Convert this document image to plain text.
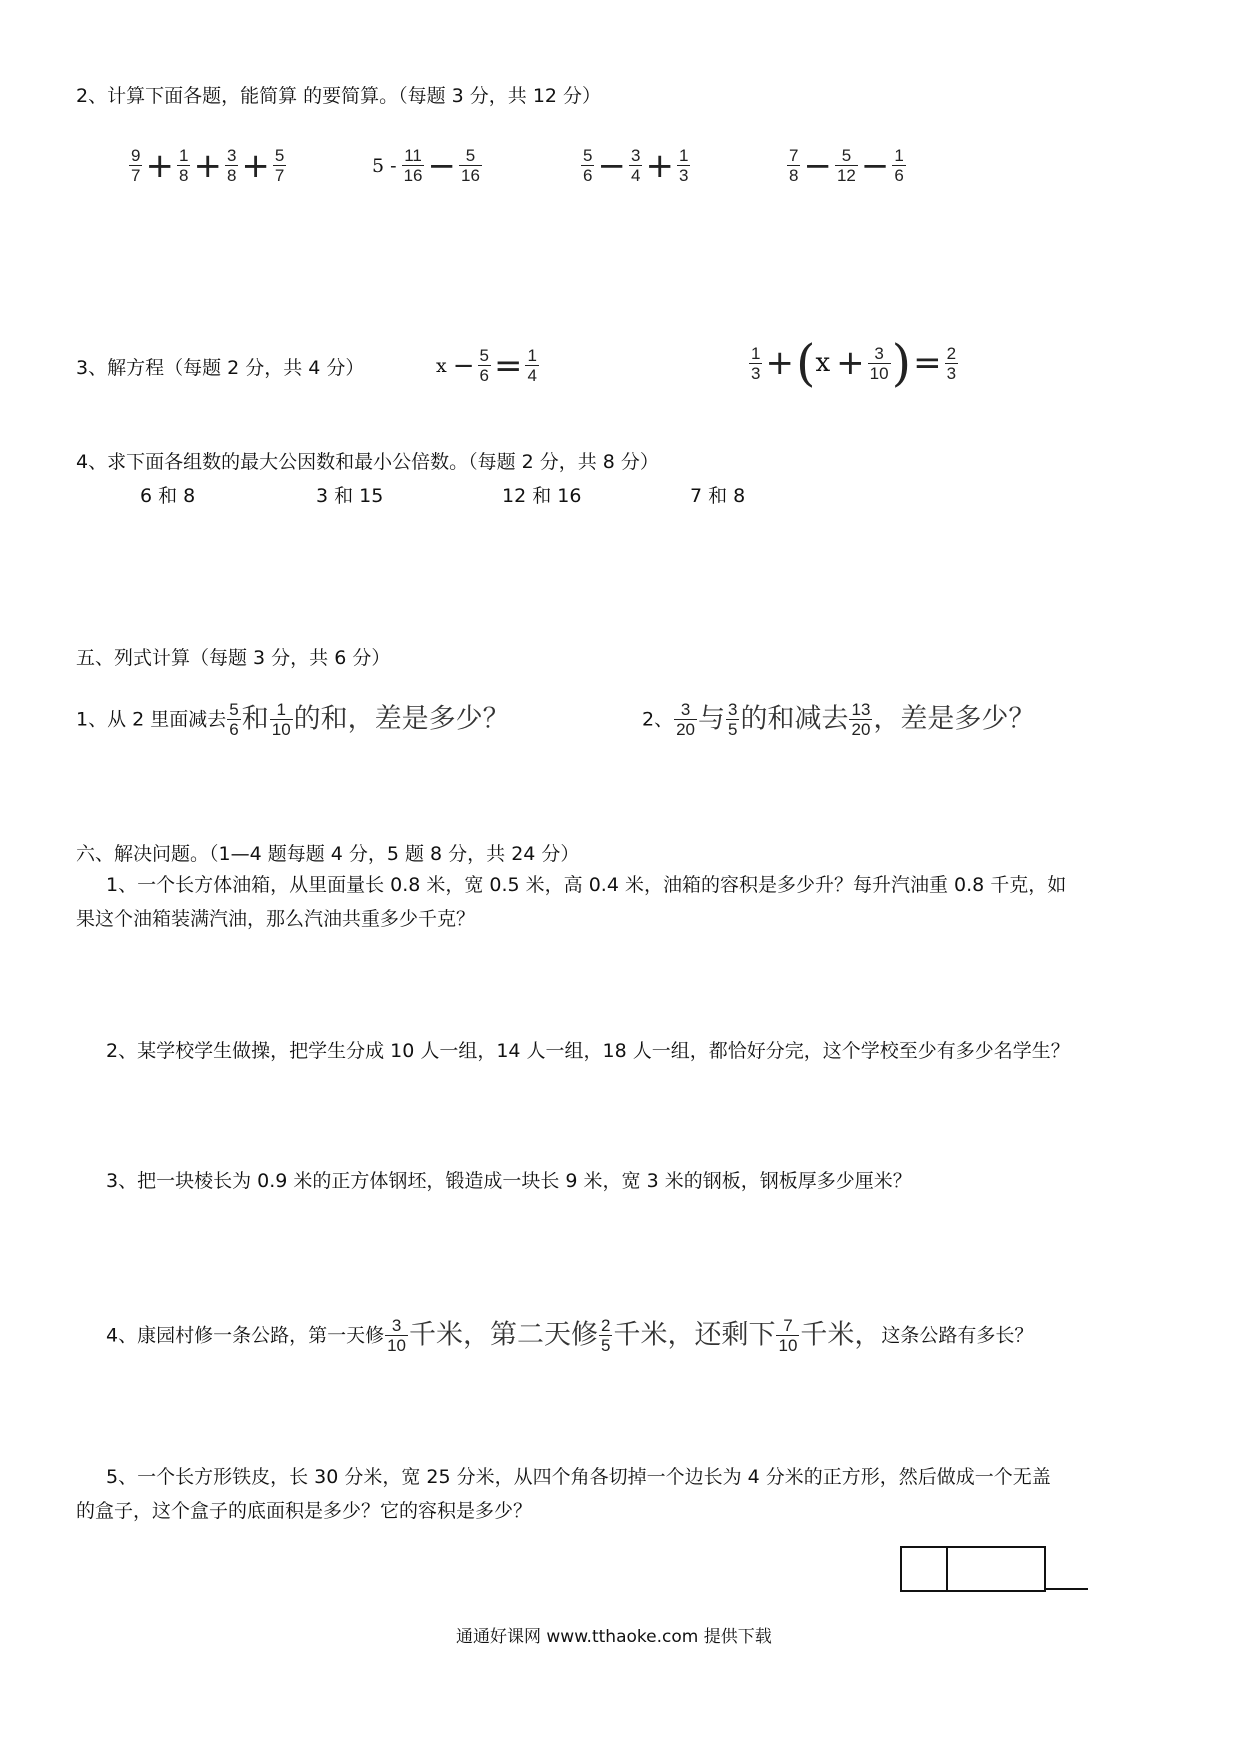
2、计算下面各题，能简算 的要简算。（每题 3 分，共 12 分）
$\frac{9}{7} + \frac{1}{8} + \frac{3}{8} + \frac{5}{7}$	$5 - \frac{11}{16} - \frac{5}{16}$	$\frac{5}{6} - \frac{3}{4} + \frac{1}{3}$	$\frac{7}{8} - \frac{5}{12} - \frac{1}{6}$
3、解方程（每题 2 分，共 4 分）	$x - \frac{5}{6} = \frac{1}{4}$	$\frac{1}{3} +(x + \frac{3}{10}$ )= $\frac{2}{3}$
4、求下面各组数的最大公因数和最小公倍数。（每题 2 分，共 8 分）
6 和 8	3 和 15	12 和 16	7 和 8
五、列式计算（每题 3 分，共 6 分）
1、从 2 里面减去 $\frac{5}{6}$ 和 $\frac{1}{10}$ 的和，差是多少？	2、 $\frac{3}{20}$ 与 $\frac{3}{5}$ 的和减去 $\frac{13}{20}$ ，差是多少？
六、解决问题。（1—4 题每题 4 分，5 题 8 分，共 24 分）
1、一个长方体油箱，从里面量长 0.8 米，宽 0.5 米，高 0.4 米，油箱的容积是多少升？每升汽油重 0.8 千克，如
果这个油箱装满汽油，那么汽油共重多少千克？
2、某学校学生做操，把学生分成 10 人一组，14 人一组，18 人一组，都恰好分完，这个学校至少有多少名学生？
3、把一块棱长为 0.9 米的正方体钢坯，锻造成一块长 9 米，宽 3 米的钢板，钢板厚多少厘米？
4、康园村修一条公路，第一天修 $\frac{3}{10}$ 千米，第二天修 $\frac{2}{5}$ 千米，还剩下 $\frac{7}{10}$ 千米，这条公路有多长？
5、一个长方形铁皮，长 30 分米，宽 25 分米，从四个角各切掉一个边长为 4 分米的正方形，然后做成一个无盖
的盒子，这个盒子的底面积是多少？它的容积是多少？
通通好课网 www.tthaoke.com 提供下载
